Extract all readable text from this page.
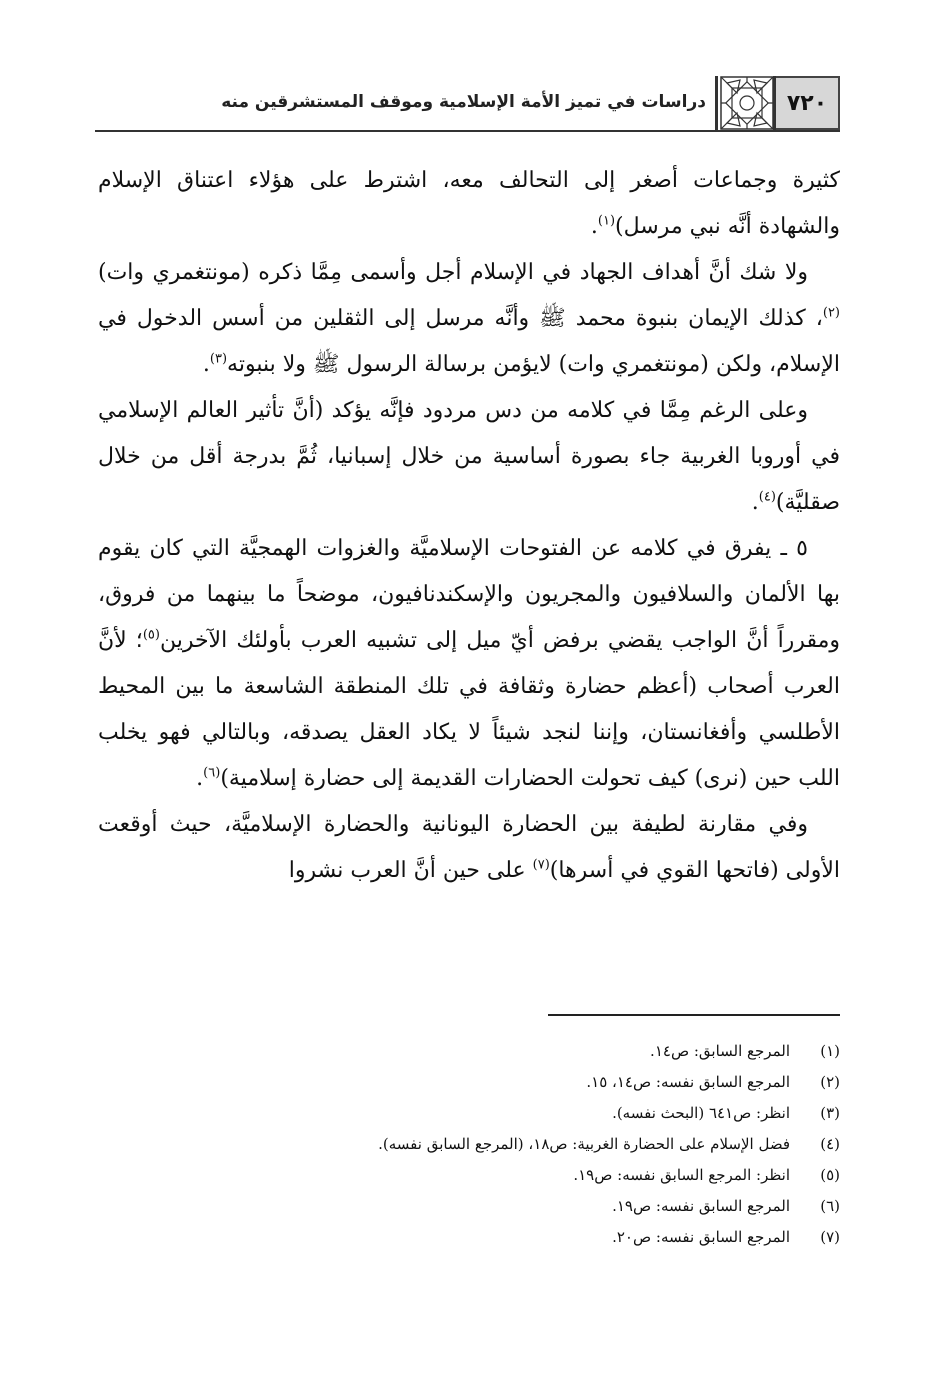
٧٢٠
دراسات في تميز الأمة الإسلامية وموقف المستشرقين منه

كثيرة وجماعات أصغر إلى التحالف معه، اشترط على هؤلاء اعتناق الإسلام والشهادة أنَّه نبي مرسل)$^{(١)}$.

ولا شك أنَّ أهداف الجهاد في الإسلام أجل وأسمى مِمَّا ذكره (مونتغمري وات)$^{(٢)}$، كذلك الإيمان بنبوة محمد ﷺ وأنَّه مرسل إلى الثقلين من أسس الدخول في الإسلام، ولكن (مونتغمري وات) لايؤمن برسالة الرسول ﷺ ولا بنبوته$^{(٣)}$.

وعلى الرغم مِمَّا في كلامه من دس مردود فإنَّه يؤكد (أنَّ تأثير العالم الإسلامي في أوروبا الغربية جاء بصورة أساسية من خلال إسبانيا، ثُمَّ بدرجة أقل من خلال صقليَّة)$^{(٤)}$.

٥ ـ يفرق في كلامه عن الفتوحات الإسلاميَّة والغزوات الهمجيَّة التي كان يقوم بها الألمان والسلافيون والمجريون والإسكندنافيون، موضحاً ما بينهما من فروق، ومقرراً أنَّ الواجب يقضي برفض أيّ ميل إلى تشبيه العرب بأولئك الآخرين$^{(٥)}$؛ لأنَّ العرب أصحاب (أعظم حضارة وثقافة في تلك المنطقة الشاسعة ما بين المحيط الأطلسي وأفغانستان، وإننا لنجد شيئاً لا يكاد العقل يصدقه، وبالتالي فهو يخلب اللب حين (نرى) كيف تحولت الحضارات القديمة إلى حضارة إسلامية)$^{(٦)}$.

وفي مقارنة لطيفة بين الحضارة اليونانية والحضارة الإسلاميَّة، حيث أوقعت الأولى (فاتحها القوي في أسرها)$^{(٧)}$ على حين أنَّ العرب نشروا

(١)
المرجع السابق: ص١٤.
(٢)
المرجع السابق نفسه: ص١٤، ١٥.
(٣)
انظر: ص٦٤١ (البحث نفسه).
(٤)
فضل الإسلام على الحضارة الغربية: ص١٨، (المرجع السابق نفسه).
(٥)
انظر: المرجع السابق نفسه: ص١٩.
(٦)
المرجع السابق نفسه: ص١٩.
(٧)
المرجع السابق نفسه: ص٢٠.
